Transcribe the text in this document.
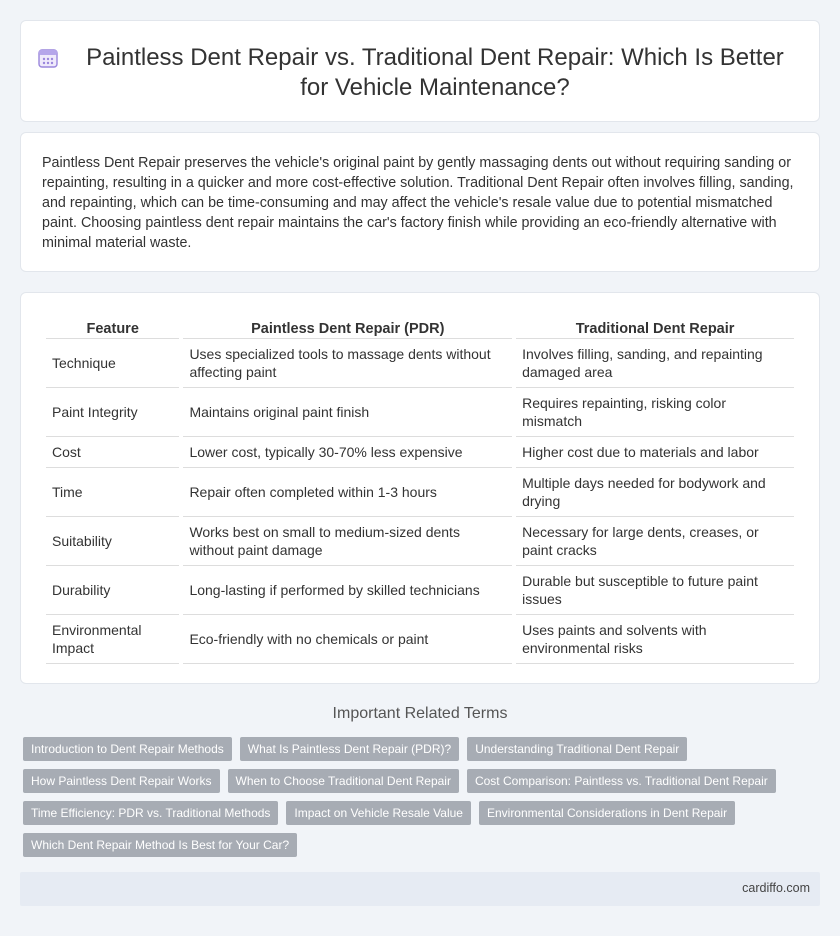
Paintless Dent Repair vs. Traditional Dent Repair: Which Is Better for Vehicle Maintenance?

Paintless Dent Repair preserves the vehicle's original paint by gently massaging dents out without requiring sanding or repainting, resulting in a quicker and more cost-effective solution. Traditional Dent Repair often involves filling, sanding, and repainting, which can be time-consuming and may affect the vehicle's resale value due to potential mismatched paint. Choosing paintless dent repair maintains the car's factory finish while providing an eco-friendly alternative with minimal material waste.

Feature	Paintless Dent Repair (PDR)	Traditional Dent Repair
Technique	Uses specialized tools to massage dents without affecting paint	Involves filling, sanding, and repainting damaged area
Paint Integrity	Maintains original paint finish	Requires repainting, risking color mismatch
Cost	Lower cost, typically 30-70% less expensive	Higher cost due to materials and labor
Time	Repair often completed within 1-3 hours	Multiple days needed for bodywork and drying
Suitability	Works best on small to medium-sized dents without paint damage	Necessary for large dents, creases, or paint cracks
Durability	Long-lasting if performed by skilled technicians	Durable but susceptible to future paint issues
Environmental Impact	Eco-friendly with no chemicals or paint	Uses paints and solvents with environmental risks
Important Related Terms
Introduction to Dent Repair Methods	What Is Paintless Dent Repair (PDR)?	Understanding Traditional Dent Repair
How Paintless Dent Repair Works	When to Choose Traditional Dent Repair	Cost Comparison: Paintless vs. Traditional Dent Repair
Time Efficiency: PDR vs. Traditional Methods	Impact on Vehicle Resale Value	Environmental Considerations in Dent Repair
Which Dent Repair Method Is Best for Your Car?
cardiffo.com
